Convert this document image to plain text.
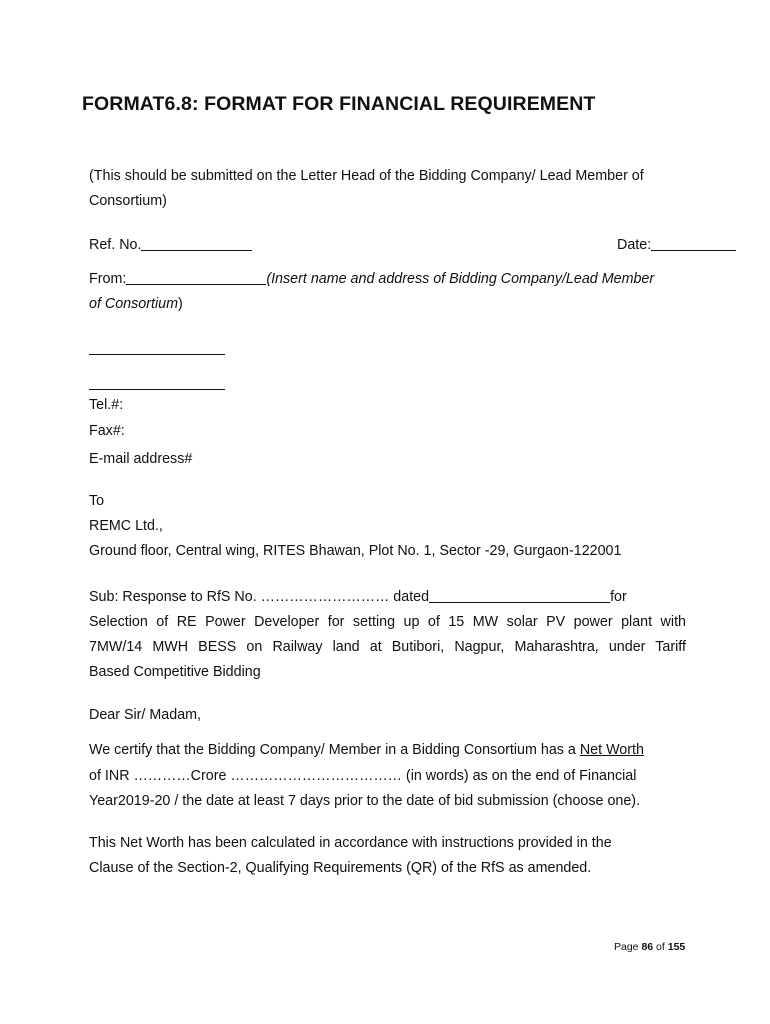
FORMAT6.8: FORMAT FOR FINANCIAL REQUIREMENT
(This should be submitted on the Letter Head of the Bidding Company/ Lead Member of
Consortium)
Ref. No.	Date:
From:	(Insert name and address of Bidding Company/Lead Member
of Consortium)
Tel.#:
Fax#:
E-mail address#
To
REMC Ltd.,
Ground floor, Central wing, RITES Bhawan, Plot No. 1, Sector -29, Gurgaon-122001
Sub: Response to RfS No. ……………………… dated	for
Selection of RE Power Developer for setting up of 15 MW solar PV power plant with
7MW/14 MWH BESS on Railway land at Butibori, Nagpur, Maharashtra, under Tariff
Based Competitive Bidding
Dear Sir/ Madam,
We certify that the Bidding Company/ Member in a Bidding Consortium has a Net Worth
of INR …………Crore ……………………………… (in words) as on the end of Financial
Year2019-20 / the date at least 7 days prior to the date of bid submission (choose one).
This Net Worth has been calculated in accordance with instructions provided in the
Clause of the Section-2, Qualifying Requirements (QR) of the RfS as amended.
Page 86 of 155
